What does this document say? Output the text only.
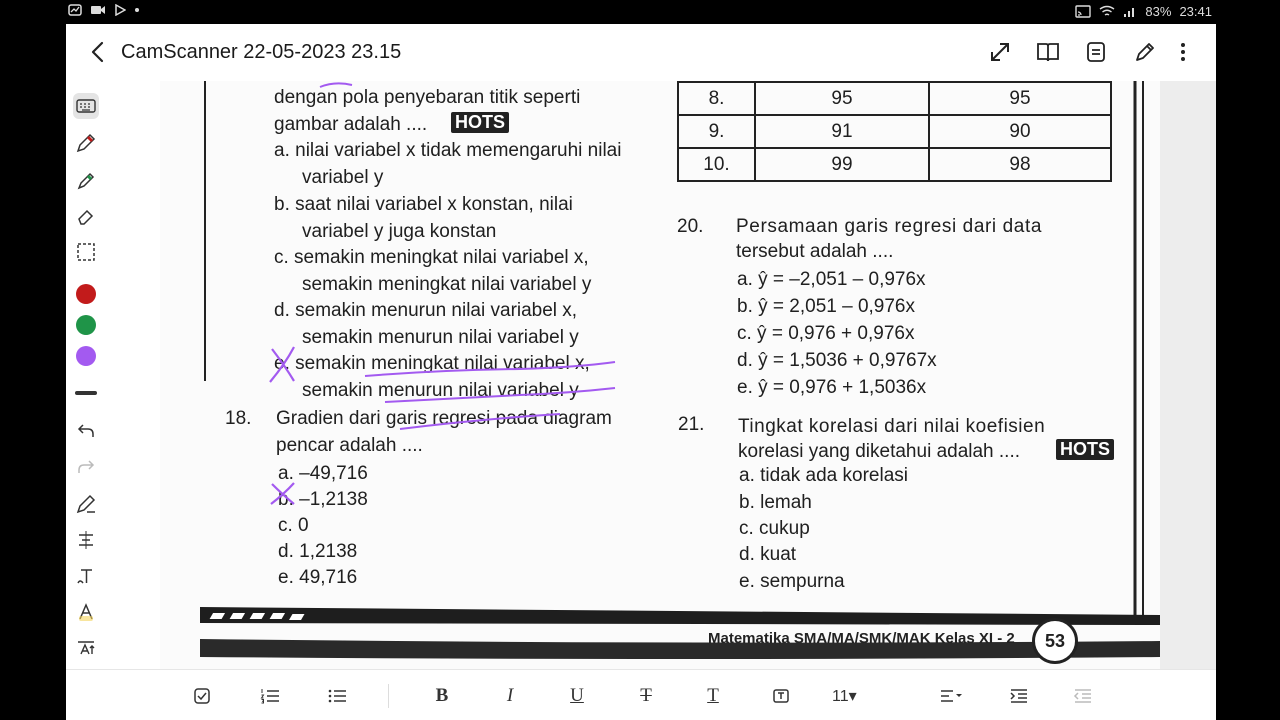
83% 23:41
CamScanner 22-05-2023 23.15
dengan pola penyebaran titik seperti
gambar adalah .... HOTS
a. nilai variabel x tidak memengaruhi nilai
variabel y
b. saat nilai variabel x konstan, nilai
variabel y juga konstan
c. semakin meningkat nilai variabel x,
semakin meningkat nilai variabel y
d. semakin menurun nilai variabel x,
semakin menurun nilai variabel y
e. semakin meningkat nilai variabel x,
semakin menurun nilai variabel y
18. Gradien dari garis regresi pada diagram
pencar adalah ....
a. –49,716
b. –1,2138
c. 0
d. 1,2138
e. 49,716
8.	95	95
9.	91	90
10.	99	98
20. Persamaan garis regresi dari data
tersebut adalah ....
a. ŷ = –2,051 – 0,976x
b. ŷ = 2,051 – 0,976x
c. ŷ = 0,976 + 0,976x
d. ŷ = 1,5036 + 0,9767x
e. ŷ = 0,976 + 1,5036x
21. Tingkat korelasi dari nilai koefisien
korelasi yang diketahui adalah .... HOTS
a. tidak ada korelasi
b. lemah
c. cukup
d. kuat
e. sempurna
Matematika SMA/MA/SMK/MAK Kelas XI - 2	53
B	I	U	T	T	11▾
